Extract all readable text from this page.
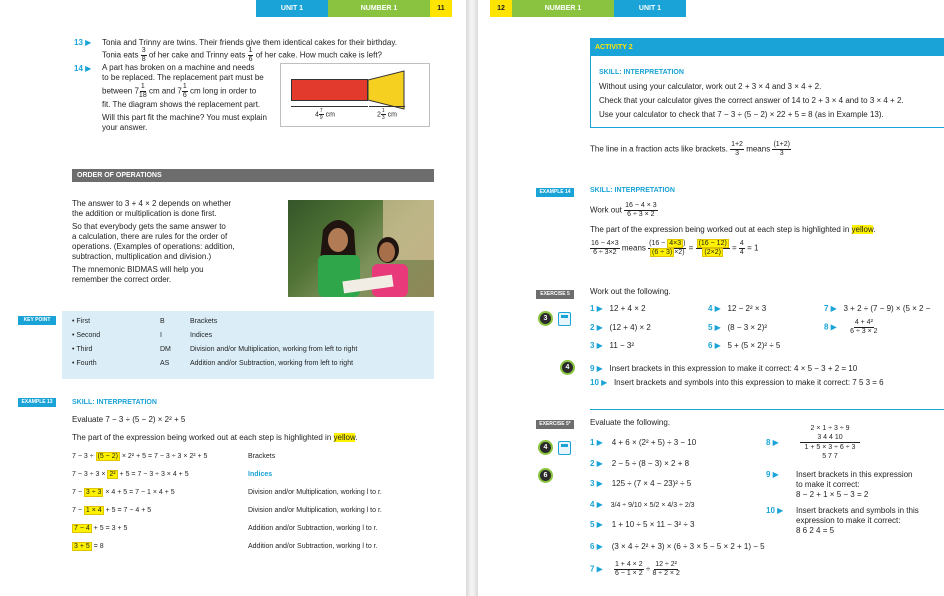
UNIT 1	NUMBER 1	11
13 ▶ Tonia and Trinny are twins. Their friends give them identical cakes for their birthday.
Tonia eats $\frac{3}{8}$ of her cake and Trinny eats $\frac{1}{6}$ of her cake. How much cake is left?
14 ▶ A part has broken on a machine and needs
to be replaced. The replacement part must be
between $7 \frac{1}{18}$ cm and $7 \frac{1}{6}$ cm long in order to
fit. The diagram shows the replacement part.
Will this part fit the machine? You must explain
your answer.
$4 \frac{7}{9}$ cm	$2 \frac{1}{3}$ cm
ORDER OF OPERATIONS
The answer to 3 + 4 × 2 depends on whether
the addition or multiplication is done first.
So that everybody gets the same answer to
a calculation, there are rules for the order of
operations. (Examples of operations: addition,
subtraction, multiplication and division.)
The mnemonic BIDMAS will help you
remember the correct order.
KEY POINT	• First	B	Brackets
• Second	I	Indices
• Third	DM	Division and/or Multiplication, working from left to right
• Fourth	AS	Addition and/or Subtraction, working from left to right
EXAMPLE 13	SKILL: INTERPRETATION
Evaluate 7 − 3 ÷ (5 − 2) × 2² + 5
The part of the expression being worked out at each step is highlighted in yellow.
7 − 3 ÷ (5 − 2) × 2² + 5 = 7 − 3 ÷ 3 × 2² + 5	Brackets
7 − 3 ÷ 3 × 2² + 5 = 7 − 3 ÷ 3 × 4 + 5	Indices
7 − 3 ÷ 3 × 4 + 5 = 7 − 1 × 4 + 5	Division and/or Multiplication, working l to r.
7 − 1 × 4 + 5 = 7 − 4 + 5	Division and/or Multiplication, working l to r.
7 − 4 + 5 = 3 + 5	Addition and/or Subtraction, working l to r.
3 + 5 = 8	Addition and/or Subtraction, working l to r.
12	NUMBER 1	UNIT 1
ACTIVITY 2
SKILL: INTERPRETATION
Without using your calculator, work out 2 + 3 × 4 and 3 × 4 + 2.
Check that your calculator gives the correct answer of 14 to 2 + 3 × 4 and to 3 × 4 + 2.
Use your calculator to check that 7 − 3 ÷ (5 − 2) × 22 + 5 = 8 (as in Example 13).
The line in a fraction acts like brackets. $\frac{1+2}{3}$ means $\frac{(1+2)}{3}$
EXAMPLE 14	SKILL: INTERPRETATION
Work out $\frac{16 - 4 \times 3}{6 \div 3 \times 2}$
The part of the expression being worked out at each step is highlighted in yellow.
$\frac{16 - 4\times 3}{6 \div 3\times 2}$ means $\frac{(16 - 4\times 3 )}{(6 \div 3) \times 2)} = \frac{(16 - 12)}{(2\times 2)} = \frac{4}{4} = 1$
EXERCISE 5	Work out the following.
3
1 ▶ 12 + 4 × 2	4 ▶ 12 − 2² × 3	7 ▶ 3 + 2 ÷ (7 − 9) × (5 × 2 −
2 ▶ (12 + 4) × 2	5 ▶ (8 − 3 × 2)²	8 ▶ $\frac{\text{4 + 4²}}{6 \div 3 \times 2}$
3 ▶ 11 − 3²	6 ▶ 5 + (5 × 2)² ÷ 5
4	9 ▶ Insert brackets in this expression to make it correct: 4 × 5 − 3 + 2 = 10
10 ▶ Insert brackets and symbols into this expression to make it correct: 7 5 3 = 6
EXERCISE 5*	Evaluate the following.
4
6
1 ▶ 4 + 6 × (2² + 5) ÷ 3 − 10
2 ▶ 2 − 5 ÷ (8 − 3) × 2 + 8
3 ▶ 125 ÷ (7 × 4 − 23)² ÷ 5
4 ▶ 3/4 ÷ 9/10 × 5/2 × 4/3 ÷ 2/3
5 ▶ 1 + 10 ÷ 5 × 11 − 3² ÷ 3
6 ▶ (3 × 4 ÷ 2² + 3) × (6 ÷ 3 × 5 − 5 × 2 + 1) − 5
7 ▶ $\frac{1 + 4 \times 2}{6 - 1 \times 2} \div \frac{\text{12 ÷ 2²}}{8 \div 2 \times 2}$
8 ▶
2 × 1 ÷ 3 ÷ 9
3 4 4 10
1 + 5 × 3 ÷ 6 ÷ 3
5 7 7
9 ▶ Insert brackets in this expression
to make it correct:
8 − 2 + 1 × 5 − 3 = 2
10 ▶ Insert brackets and symbols in this
expression to make it correct:
8 6 2 4 = 5
